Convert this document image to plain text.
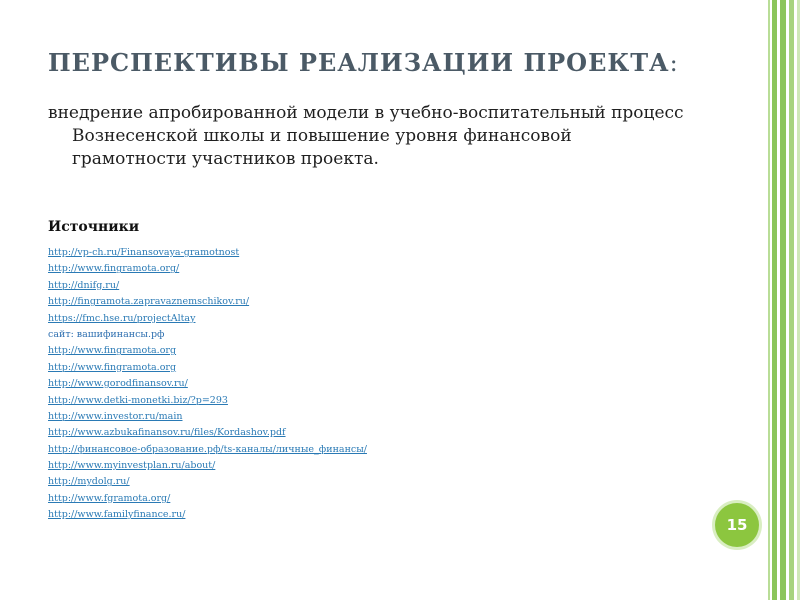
ПЕРСПЕКТИВЫ РЕАЛИЗАЦИИ ПРОЕКТА:
внедрение апробированной модели в учебно-воспитательный процесс Вознесенской школы и повышение уровня финансовой грамотности участников проекта.
Источники
http://vp-ch.ru/Finansovaya-gramotnost
http://www.fingramota.org/
http://dnifg.ru/
http://fingramota.zapravaznemschikov.ru/
https://fmc.hse.ru/projectAltay
сайт: вашифинансы.рф
http://www.fingramota.org
http://www.fingramota.org
http://www.gorodfinansov.ru/
http://www.detki-monetki.biz/?p=293
http://www.investor.ru/main
http://www.azbukafinansov.ru/files/Kordashov.pdf
http://финансовое-образование.рф/ts-каналы/личные_финансы/
http://www.myinvestplan.ru/about/
http://mydolg.ru/
http://www.fgramota.org/
http://www.familyfinance.ru/
15
